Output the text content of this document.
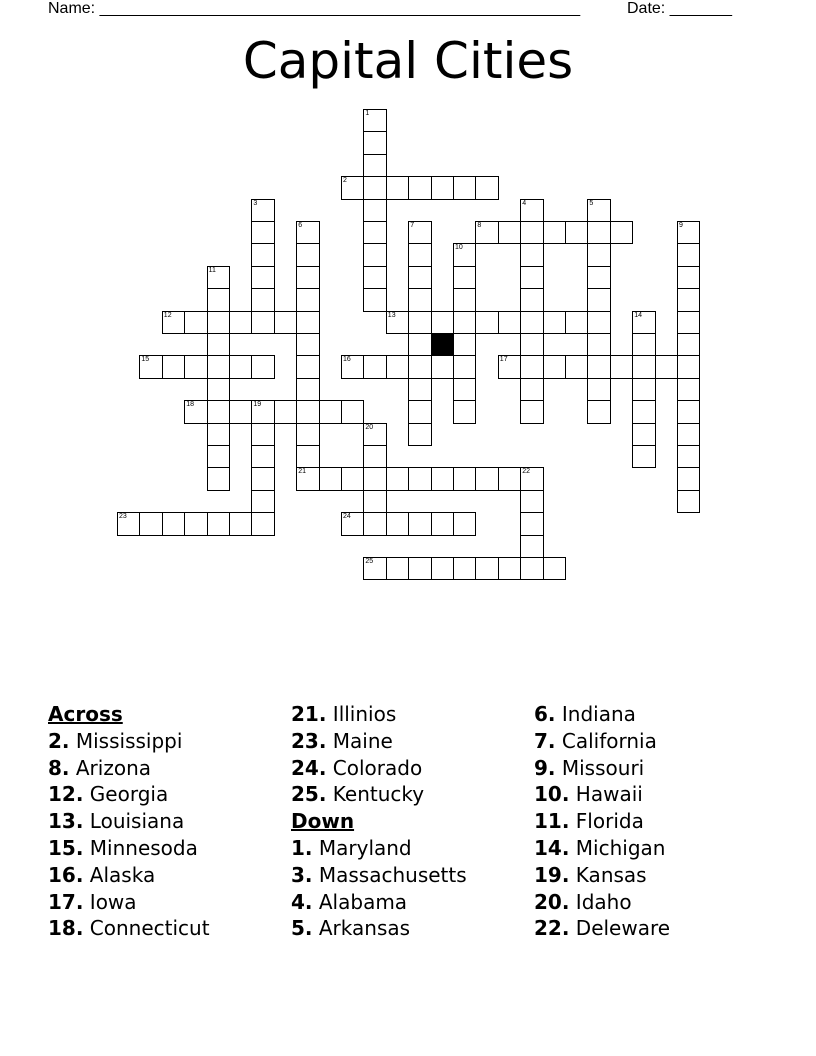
Name: ______________________________________________________	Date: _______
Capital Cities
2
8
12	13
15	16	17
18	19
21	22
23	24
25
1
3	4	5
6	7	9
10
11
14
20
Across
2. Mississippi
8. Arizona
12. Georgia
13. Louisiana
15. Minnesoda
16. Alaska
17. Iowa
18. Connecticut
21. Illinios
23. Maine
24. Colorado
25. Kentucky
Down
1. Maryland
3. Massachusetts
4. Alabama
5. Arkansas
6. Indiana
7. California
9. Missouri
10. Hawaii
11. Florida
14. Michigan
19. Kansas
20. Idaho
22. Deleware
